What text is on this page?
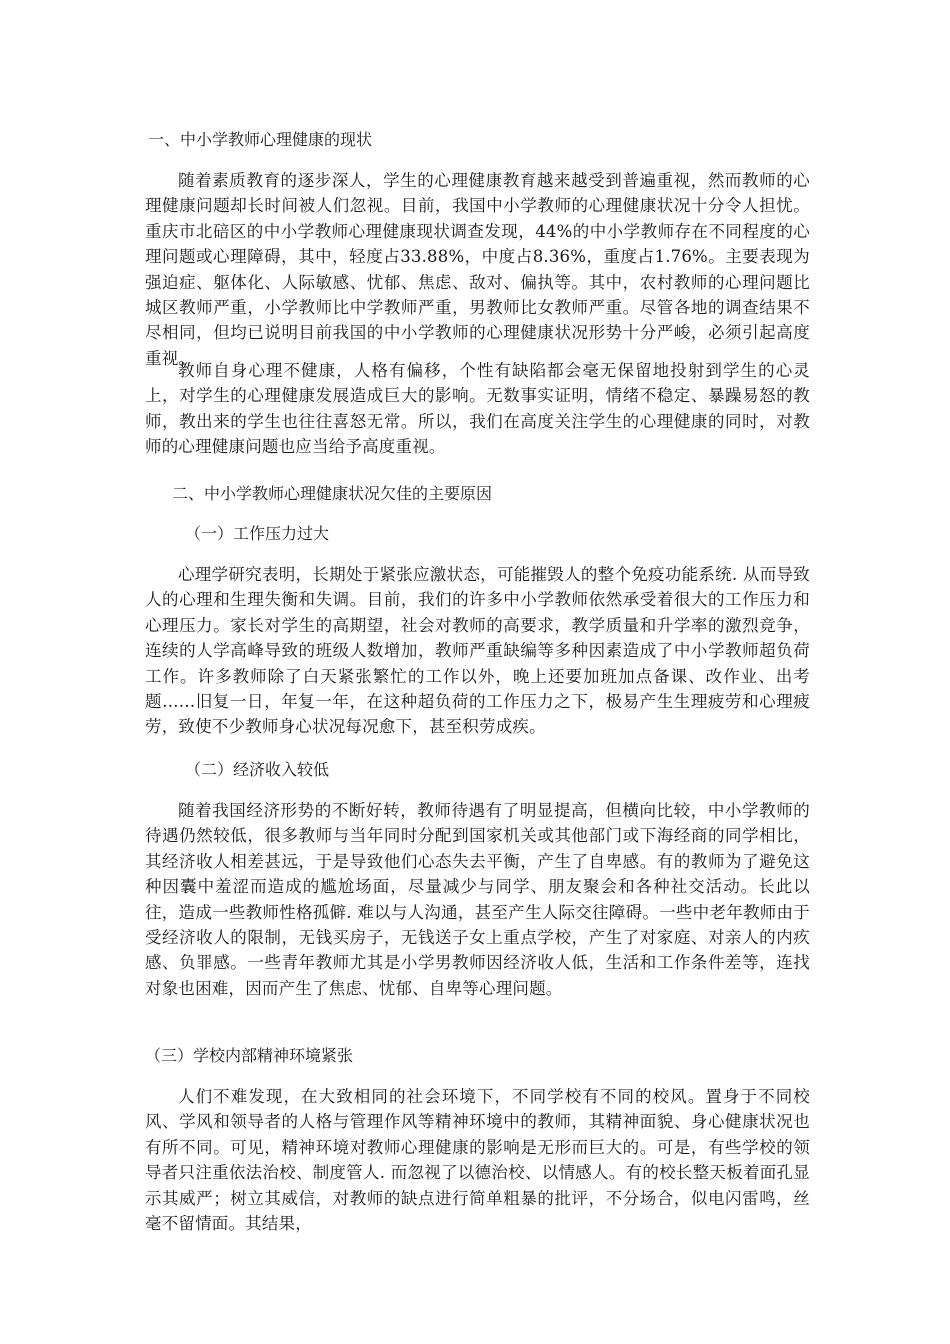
一、中小学教师心理健康的现状

随着素质教育的逐步深人，学生的心理健康教育越来越受到普遍重视，然而教师的心理健康问题却长时间被人们忽视。目前，我国中小学教师的心理健康状况十分令人担忧。重庆市北碚区的中小学教师心理健康现状调查发现，44%的中小学教师存在不同程度的心理问题或心理障碍，其中，轻度占33.88%，中度占8.36%，重度占1.76%。主要表现为强迫症、躯体化、人际敏感、忧郁、焦虑、敌对、偏执等。其中，农村教师的心理问题比城区教师严重，小学教师比中学教师严重，男教师比女教师严重。尽管各地的调查结果不尽相同，但均已说明目前我国的中小学教师的心理健康状况形势十分严峻，必须引起高度重视。

教师自身心理不健康，人格有偏移，个性有缺陷都会毫无保留地投射到学生的心灵上，对学生的心理健康发展造成巨大的影响。无数事实证明，情绪不稳定、暴躁易怒的教师，教出来的学生也往往喜怒无常。所以，我们在高度关注学生的心理健康的同时，对教师的心理健康问题也应当给予高度重视。

二、中小学教师心理健康状况欠佳的主要原因
（一）工作压力过大

心理学研究表明，长期处于紧张应激状态，可能摧毁人的整个免疫功能系统. 从而导致人的心理和生理失衡和失调。目前，我们的许多中小学教师依然承受着很大的工作压力和心理压力。家长对学生的高期望，社会对教师的高要求，教学质量和升学率的激烈竞争，连续的人学高峰导致的班级人数增加，教师严重缺编等多种因素造成了中小学教师超负荷工作。许多教师除了白天紧张繁忙的工作以外，晚上还要加班加点备课、改作业、出考题……旧复一日，年复一年，在这种超负荷的工作压力之下，极易产生生理疲劳和心理疲劳，致使不少教师身心状况每况愈下，甚至积劳成疾。

（二）经济收入较低

随着我国经济形势的不断好转，教师待遇有了明显提高，但横向比较，中小学教师的待遇仍然较低，很多教师与当年同时分配到国家机关或其他部门或下海经商的同学相比，其经济收人相差甚远，于是导致他们心态失去平衡，产生了自卑感。有的教师为了避免这种因囊中羞涩而造成的尴尬场面，尽量减少与同学、朋友聚会和各种社交活动。长此以往，造成一些教师性格孤僻. 难以与人沟通，甚至产生人际交往障碍。一些中老年教师由于受经济收人的限制，无钱买房子，无钱送子女上重点学校，产生了对家庭、对亲人的内疚感、负罪感。一些青年教师尤其是小学男教师因经济收人低，生活和工作条件差等，连找对象也困难，因而产生了焦虑、忧郁、自卑等心理问题。

（三）学校内部精神环境紧张

人们不难发现，在大致相同的社会环境下，不同学校有不同的校风。置身于不同校风、学风和领导者的人格与管理作风等精神环境中的教师，其精神面貌、身心健康状况也有所不同。可见，精神环境对教师心理健康的影响是无形而巨大的。可是，有些学校的领导者只注重依法治校、制度管人. 而忽视了以德治校、以情感人。有的校长整天板着面孔显示其威严；树立其威信，对教师的缺点进行简单粗暴的批评，不分场合，似电闪雷鸣，丝毫不留情面。其结果，
